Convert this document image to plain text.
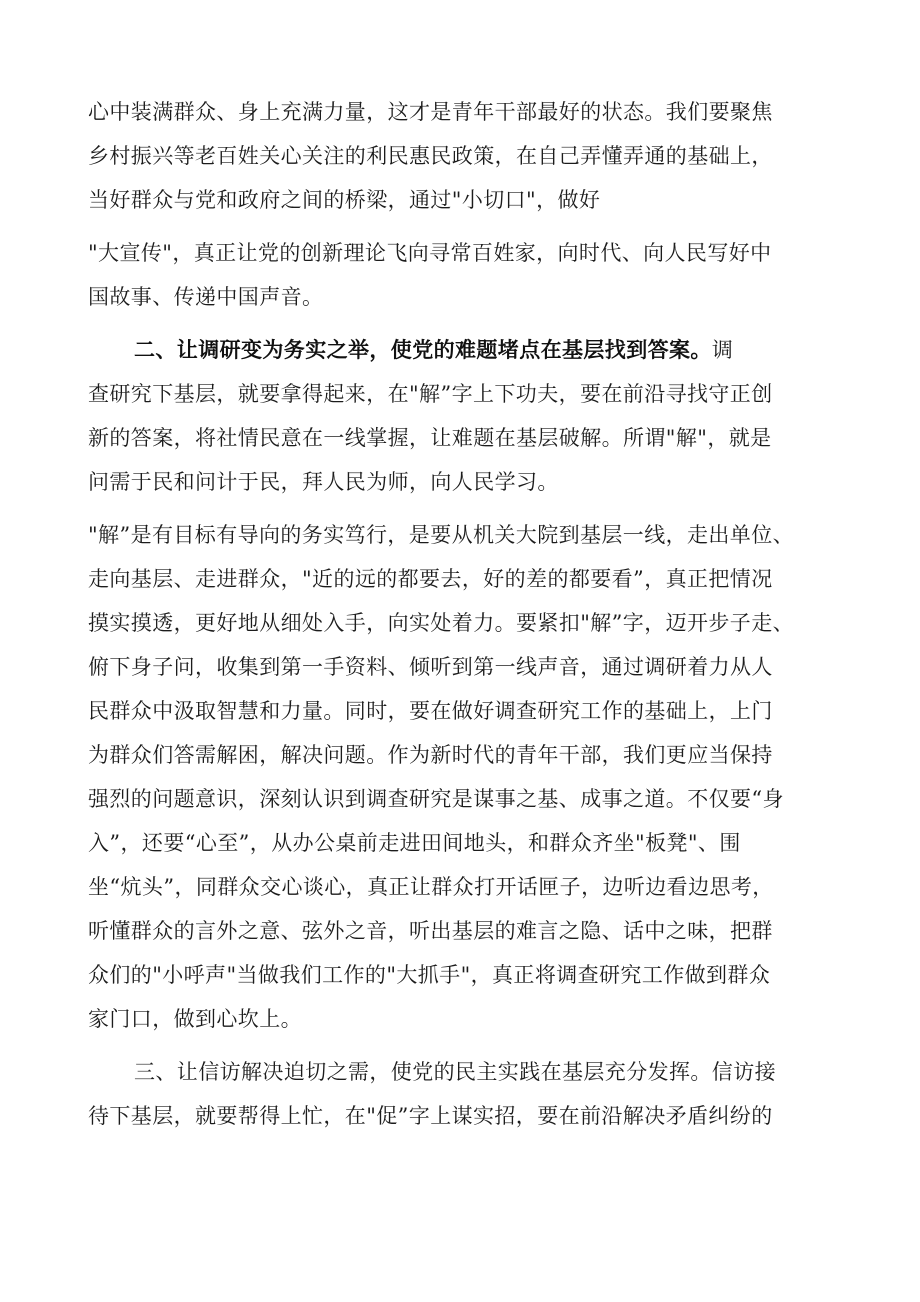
心中装满群众、身上充满力量，这才是青年干部最好的状态。我们要聚焦
乡村振兴等老百姓关心关注的利民惠民政策，在自己弄懂弄通的基础上，
当好群众与党和政府之间的桥梁，通过"小切口"，做好
"大宣传"，真正让党的创新理论飞向寻常百姓家，向时代、向人民写好中
国故事、传递中国声音。
二、让调研变为务实之举，使党的难题堵点在基层找到答案。调
查研究下基层，就要拿得起来，在"解”字上下功夫，要在前沿寻找守正创
新的答案，将社情民意在一线掌握，让难题在基层破解。所谓"解"，就是
问需于民和问计于民，拜人民为师，向人民学习。
"解”是有目标有导向的务实笃行，是要从机关大院到基层一线，走出单位、
走向基层、走进群众，"近的远的都要去，好的差的都要看”，真正把情况
摸实摸透，更好地从细处入手，向实处着力。要紧扣"解”字，迈开步子走、
俯下身子问，收集到第一手资料、倾听到第一线声音，通过调研着力从人
民群众中汲取智慧和力量。同时，要在做好调查研究工作的基础上，上门
为群众们答需解困，解决问题。作为新时代的青年干部，我们更应当保持
强烈的问题意识，深刻认识到调查研究是谋事之基、成事之道。不仅要“身
入”，还要“心至”，从办公桌前走进田间地头，和群众齐坐"板凳"、围
坐“炕头”，同群众交心谈心，真正让群众打开话匣子，边听边看边思考，
听懂群众的言外之意、弦外之音，听出基层的难言之隐、话中之味，把群
众们的"小呼声"当做我们工作的"大抓手"，真正将调查研究工作做到群众
家门口，做到心坎上。
三、让信访解决迫切之需，使党的民主实践在基层充分发挥。信访接
待下基层，就要帮得上忙，在"促”字上谋实招，要在前沿解决矛盾纠纷的
